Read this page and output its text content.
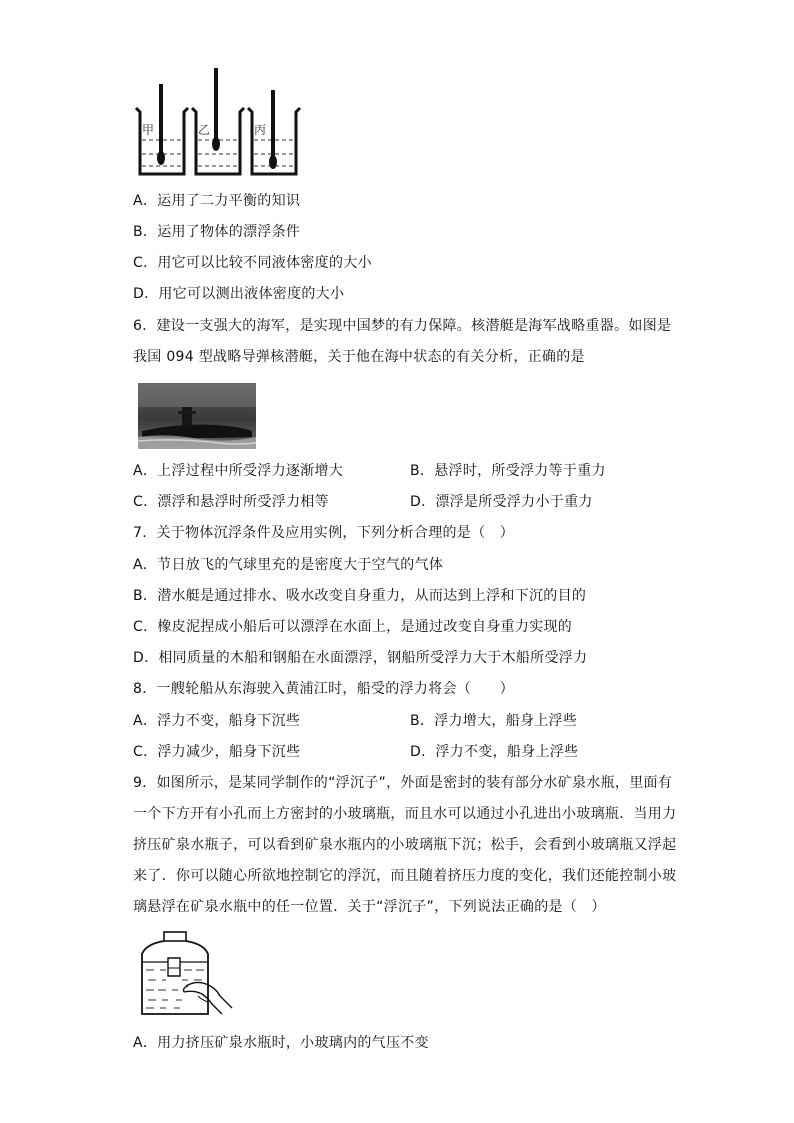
甲	乙	丙
A．运用了二力平衡的知识
B．运用了物体的漂浮条件
C．用它可以比较不同液体密度的大小
D．用它可以测出液体密度的大小
6．建设一支强大的海军，是实现中国梦的有力保障。核潜艇是海军战略重器。如图是
我国 094 型战略导弹核潜艇，关于他在海中状态的有关分析，正确的是
A．上浮过程中所受浮力逐渐增大	B．悬浮时，所受浮力等于重力
C．漂浮和悬浮时所受浮力相等	D．漂浮是所受浮力小于重力
7．关于物体沉浮条件及应用实例，下列分析合理的是（　）
A．节日放飞的气球里充的是密度大于空气的气体
B．潜水艇是通过排水、吸水改变自身重力，从而达到上浮和下沉的目的
C．橡皮泥捏成小船后可以漂浮在水面上，是通过改变自身重力实现的
D．相同质量的木船和钢船在水面漂浮，钢船所受浮力大于木船所受浮力
8．一艘轮船从东海驶入黄浦江时，船受的浮力将会（　　）
A．浮力不变，船身下沉些	B．浮力增大，船身上浮些
C．浮力减少，船身下沉些	D．浮力不变，船身上浮些
9．如图所示，是某同学制作的“浮沉子”，外面是密封的装有部分水矿泉水瓶，里面有
一个下方开有小孔而上方密封的小玻璃瓶，而且水可以通过小孔进出小玻璃瓶．当用力
挤压矿泉水瓶子，可以看到矿泉水瓶内的小玻璃瓶下沉；松手，会看到小玻璃瓶又浮起
来了．你可以随心所欲地控制它的浮沉，而且随着挤压力度的变化，我们还能控制小玻
璃悬浮在矿泉水瓶中的任一位置．关于“浮沉子”，下列说法正确的是（　）
A．用力挤压矿泉水瓶时，小玻璃内的气压不变
